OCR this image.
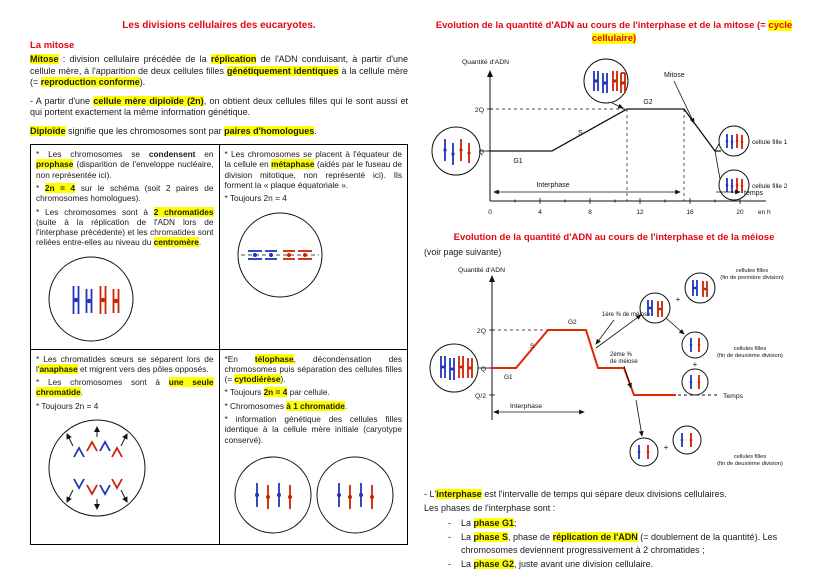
Les divisions cellulaires des eucaryotes.
La mitose

Mitose : division cellulaire précédée de la réplication de l'ADN conduisant, à partir d'une cellule mère, à l'apparition de deux cellules filles génétiquement identiques à la cellule mère (= reproduction conforme).

- A partir d'une cellule mère diploïde (2n), on obtient deux cellules filles qui le sont aussi et qui portent exactement la même information génétique.

Diploïde signifie que les chromosomes sont par paires d'homologues.

* Les chromosomes se condensent en prophase (disparition de l'enveloppe nucléaire, non représentée ici).
* 2n = 4 sur le schéma (soit 2 paires de chromosomes homologues).
* Les chromosomes sont à 2 chromatides (suite à la réplication de l'ADN lors de l'interphase précédente) et les chromatides sont reliées entre-elles au niveau du centromère.

* Les chromosomes se placent à l'équateur de la cellule en métaphase (aidés par le fuseau de division mitotique, non représenté ici). Ils forment la « plaque équatoriale ».
* Toujours 2n = 4

* Les chromatides sœurs se séparent lors de l'anaphase et migrent vers des pôles opposés.
* Les chromosomes sont à une seule chromatide.
* Toujours 2n = 4

*En télophase, décondensation des chromosomes puis séparation des cellules filles (= cytodiérèse).
* Toujours 2n = 4 par cellule.
* Chromosomes à 1 chromatide.
* information génétique des cellules filles identique à la cellule mère initiale (caryotype conservé).
Evolution de la quantité d'ADN au cours de l'interphase et de la mitose (= cycle cellulaire)
Quantité d'ADN
2Q
Q
G1
S
G2
Mitose
cellule fille 1
cellule fille 2
Interphase
temps
0	4	8	12	16	20 en h
Evolution de la quantité d'ADN au cours de l'interphase et de la méiose
(voir page suivante)
cellules filles
(fin de première division)
Quantité d'ADN
2Q
Q
Q/2	Temps
G1
S
G2
1ère % de méiose
2ème %
de méiose
Interphase
+
+
cellules filles
(fin de deuxième division)
+
cellules filles
(fin de deuxième division)

- L'interphase est l'intervalle de temps qui sépare deux divisions cellulaires.

Les phases de l'interphase sont :

- La phase G1;
- La phase S, phase de réplication de l'ADN (= doublement de la quantité). Les chromosomes deviennent progressivement à 2 chromatides ;
- La phase G2, juste avant une division cellulaire.
